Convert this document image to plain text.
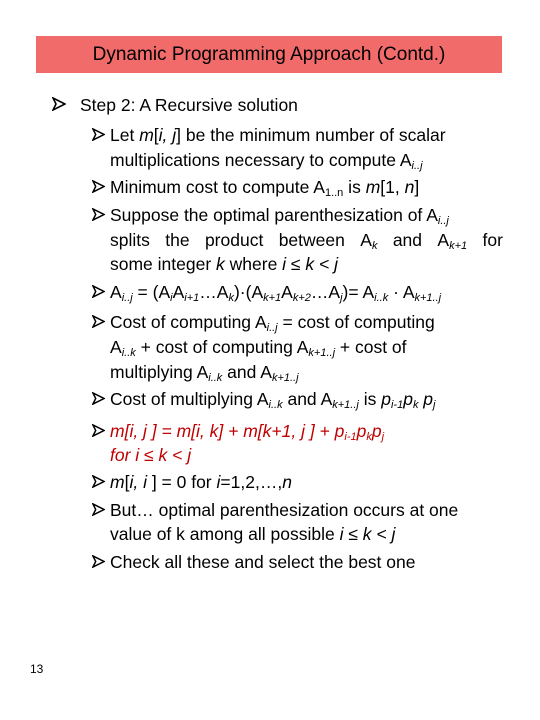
Dynamic Programming Approach (Contd.)
Step 2: A Recursive solution
Let m[i, j] be the minimum number of scalar
multiplications necessary to compute $A_{i..j}$
Minimum cost to compute $A_{1..n}$ is m[1, n]
Suppose the optimal parenthesization of $A_{i..j}$
splits the product between $A_k$ and $A_{k+1}$ for
some integer k where i ≤ k < j
$A_{i..j}$ = $(A_iA_{i+1}\dots A_k)\cdot(A_{k+1}A_{k+2}\dots A_j)= A_{i..k} \cdot A_{k+1..j}$
Cost of computing $A_{i..j} = \cos t$ of computing
$A_{i..k} + \cos t$ of computing $A_{k+1..j} + \cos t$ of
multiplying $A_{i..k}$ and $A_{k+1..j}$
Cost of multiplying $A_{i..k}$ and $A_{k+1..j}$ is $p_{i-1}p_k$ $p_j$
m[i, j ] = m[i, k] + m[k+1, j ] + $p_{i-1}p_kp_j$
for i ≤ k < j
m[i, i ] = 0 for i=1,2,…,n
But… optimal parenthesization occurs at one
value of k among all possible i ≤ k < j
Check all these and select the best one
13
